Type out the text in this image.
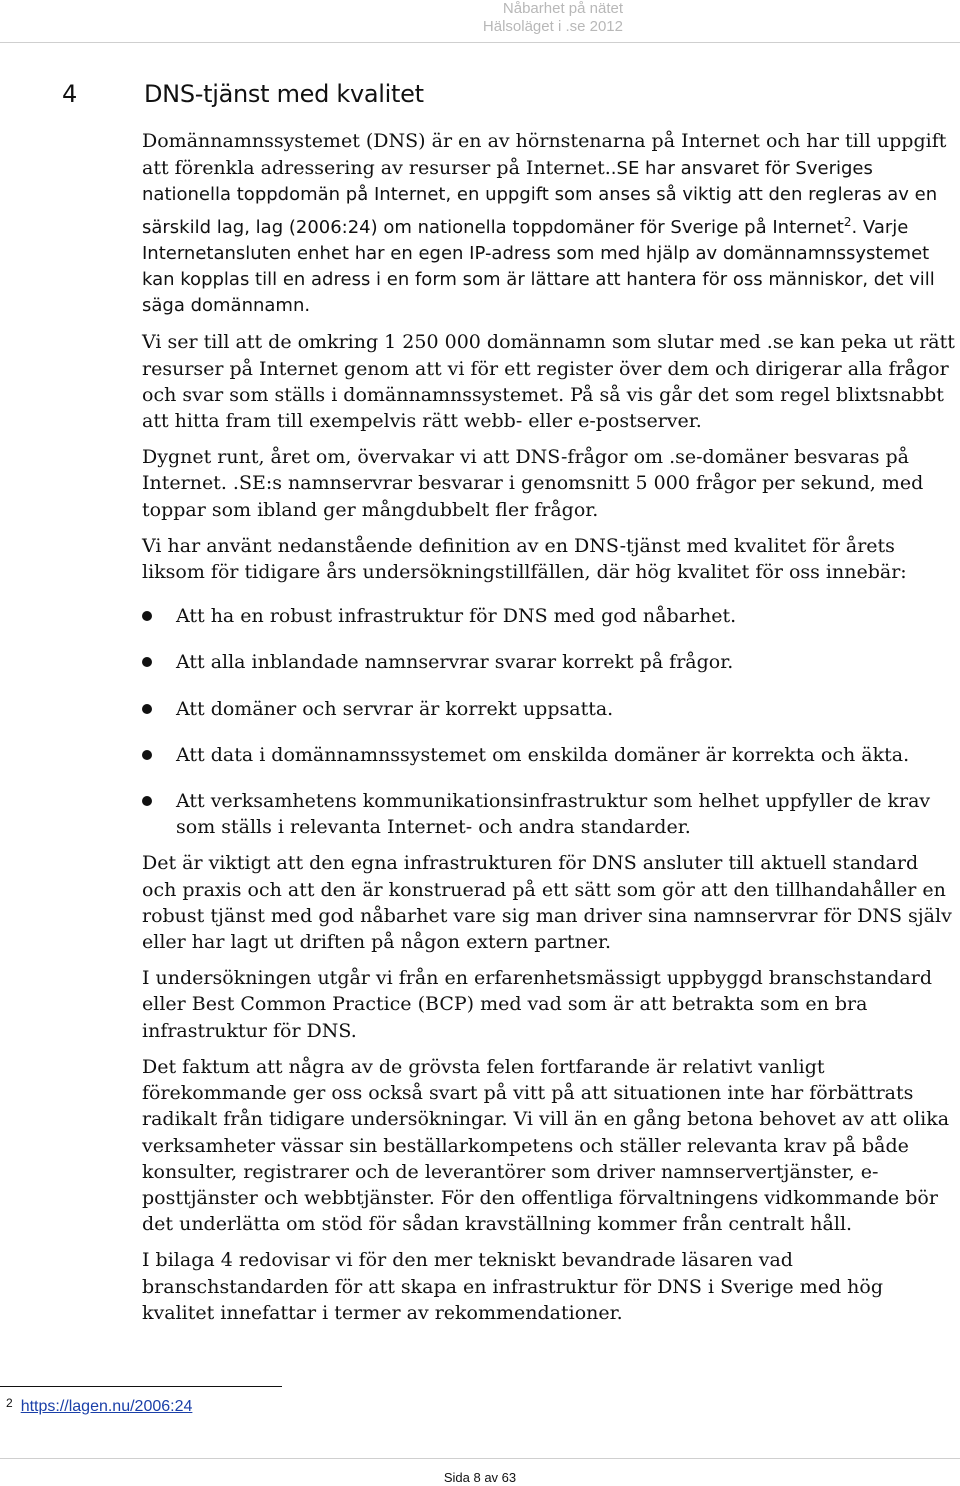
Nåbarhet på nätet
Hälsoläget i .se 2012
4	DNS-tjänst med kvalitet

Domännamnssystemet (DNS) är en av hörnstenarna på Internet och har till uppgift att förenkla adressering av resurser på Internet..SE har ansvaret för Sveriges nationella toppdomän på Internet, en uppgift som anses så viktig att den regleras av en särskild lag, lag (2006:24) om nationella toppdomäner för Sverige på Internet$^2$. Varje Internetansluten enhet har en egen IP-adress som med hjälp av domännamnssystemet kan kopplas till en adress i en form som är lättare att hantera för oss människor, det vill säga domännamn.

Vi ser till att de omkring 1 250 000 domännamn som slutar med .se kan peka ut rätt resurser på Internet genom att vi för ett register över dem och dirigerar alla frågor och svar som ställs i domännamnssystemet. På så vis går det som regel blixtsnabbt att hitta fram till exempelvis rätt webb- eller e-postserver.

Dygnet runt, året om, övervakar vi att DNS-frågor om .se-domäner besvaras på Internet. .SE:s namnservrar besvarar i genomsnitt 5 000 frågor per sekund, med toppar som ibland ger mångdubbelt fler frågor.

Vi har använt nedanstående definition av en DNS-tjänst med kvalitet för årets liksom för tidigare års undersökningstillfällen, där hög kvalitet för oss innebär:

Att ha en robust infrastruktur för DNS med god nåbarhet.
Att alla inblandade namnservrar svarar korrekt på frågor.
Att domäner och servrar är korrekt uppsatta.
Att data i domännamnssystemet om enskilda domäner är korrekta och äkta.
Att verksamhetens kommunikationsinfrastruktur som helhet uppfyller de krav som ställs i relevanta Internet- och andra standarder.

Det är viktigt att den egna infrastrukturen för DNS ansluter till aktuell standard och praxis och att den är konstruerad på ett sätt som gör att den tillhandahåller en robust tjänst med god nåbarhet vare sig man driver sina namnservrar för DNS själv eller har lagt ut driften på någon extern partner.

I undersökningen utgår vi från en erfarenhetsmässigt uppbyggd branschstandard eller Best Common Practice (BCP) med vad som är att betrakta som en bra infrastruktur för DNS.

Det faktum att några av de grövsta felen fortfarande är relativt vanligt förekommande ger oss också svart på vitt på att situationen inte har förbättrats radikalt från tidigare undersökningar. Vi vill än en gång betona behovet av att olika verksamheter vässar sin beställarkompetens och ställer relevanta krav på både konsulter, registrarer och de leverantörer som driver namnservertjänster, e-posttjänster och webbtjänster. För den offentliga förvaltningens vidkommande bör det underlätta om stöd för sådan kravställning kommer från centralt håll.

I bilaga 4 redovisar vi för den mer tekniskt bevandrade läsaren vad branschstandarden för att skapa en infrastruktur för DNS i Sverige med hög kvalitet innefattar i termer av rekommendationer.

$^2$ https://lagen.nu/2006:24
Sida 8 av 63
